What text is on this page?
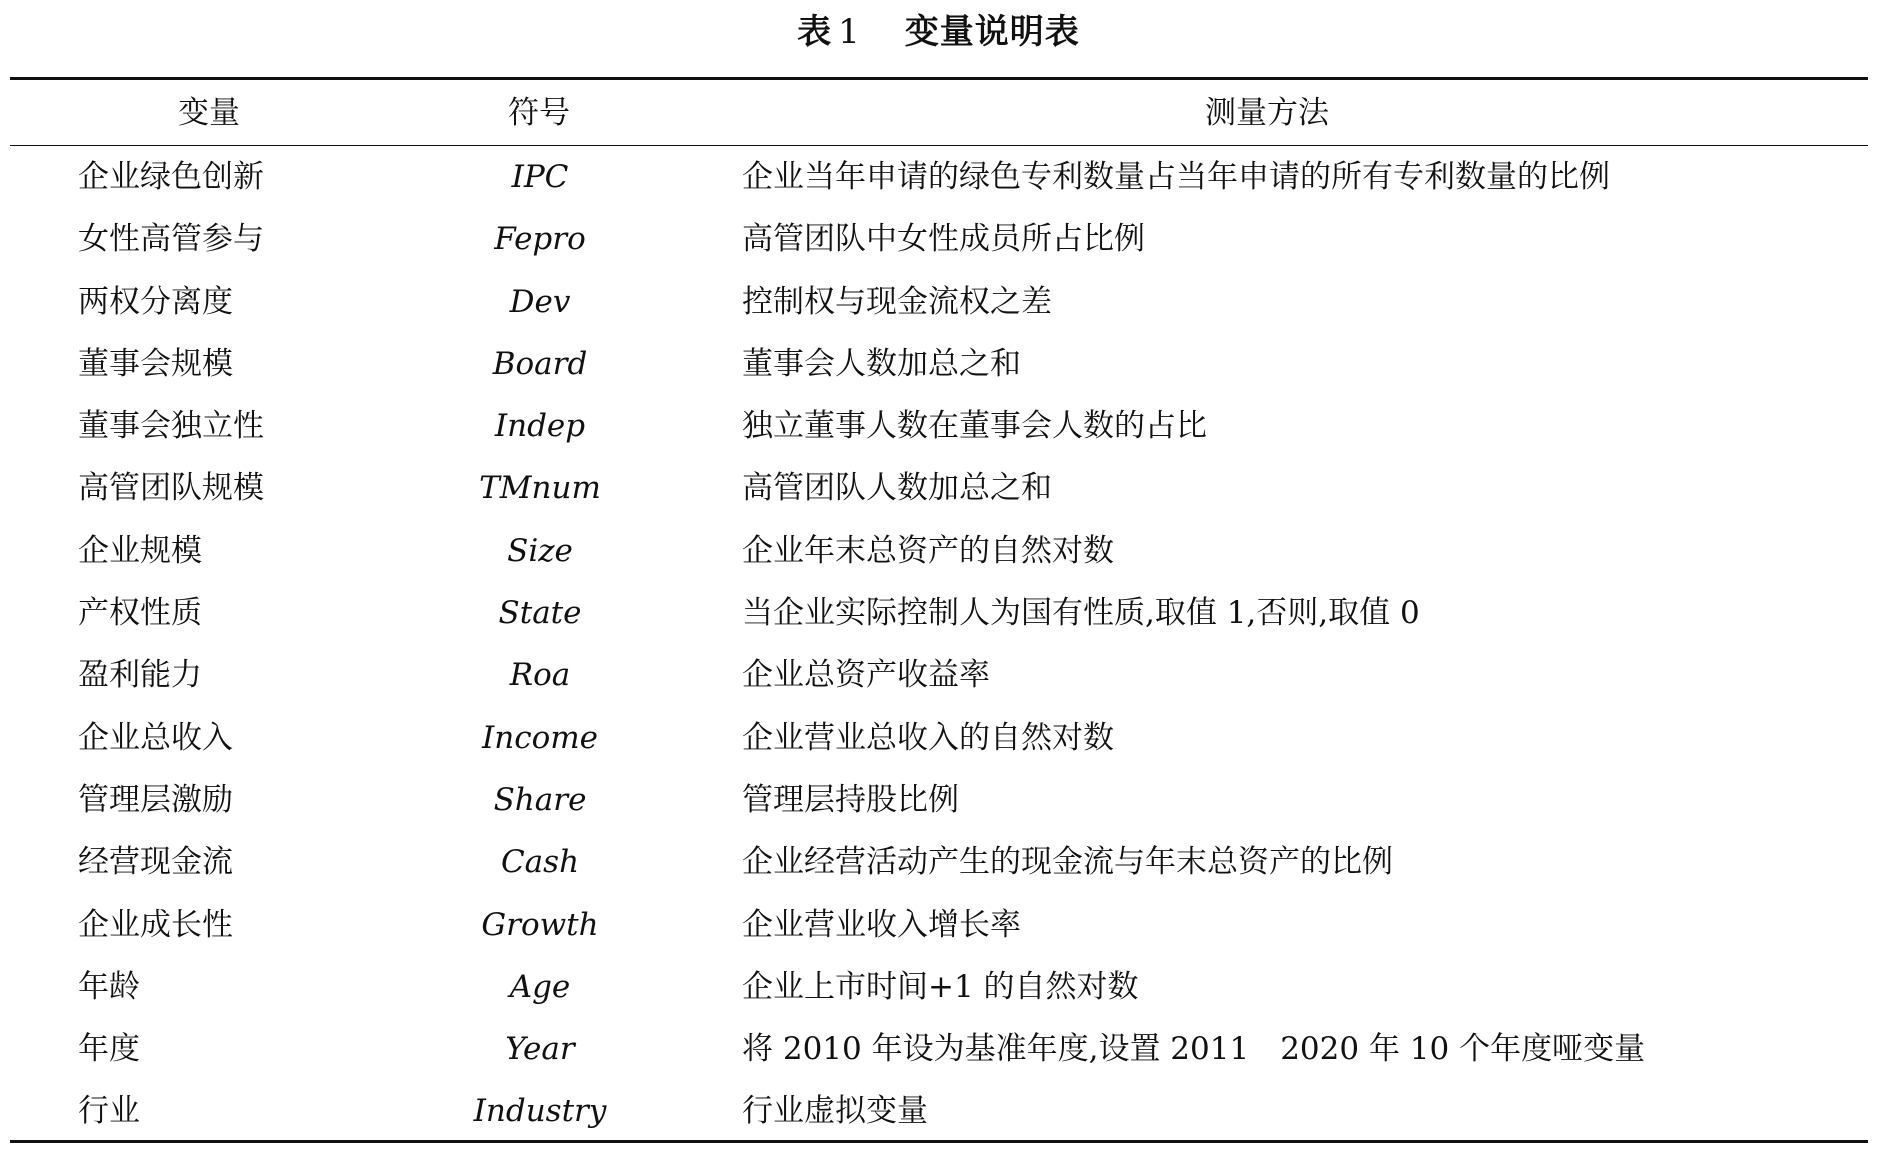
表 1 变量说明表
变量	符号	测量方法
企业绿色创新	IPC	企业当年申请的绿色专利数量占当年申请的所有专利数量的比例
女性高管参与	Fepro	高管团队中女性成员所占比例
两权分离度	Dev	控制权与现金流权之差
董事会规模	Board	董事会人数加总之和
董事会独立性	Indep	独立董事人数在董事会人数的占比
高管团队规模	TMnum	高管团队人数加总之和
企业规模	Size	企业年末总资产的自然对数
产权性质	State	当企业实际控制人为国有性质,取值 1,否则,取值 0
盈利能力	Roa	企业总资产收益率
企业总收入	Income	企业营业总收入的自然对数
管理层激励	Share	管理层持股比例
经营现金流	Cash	企业经营活动产生的现金流与年末总资产的比例
企业成长性	Growth	企业营业收入增长率
年龄	Age	企业上市时间+1 的自然对数
年度	Year	将 2010 年设为基准年度,设置 2011　2020 年 10 个年度哑变量
行业	Industry	行业虚拟变量
